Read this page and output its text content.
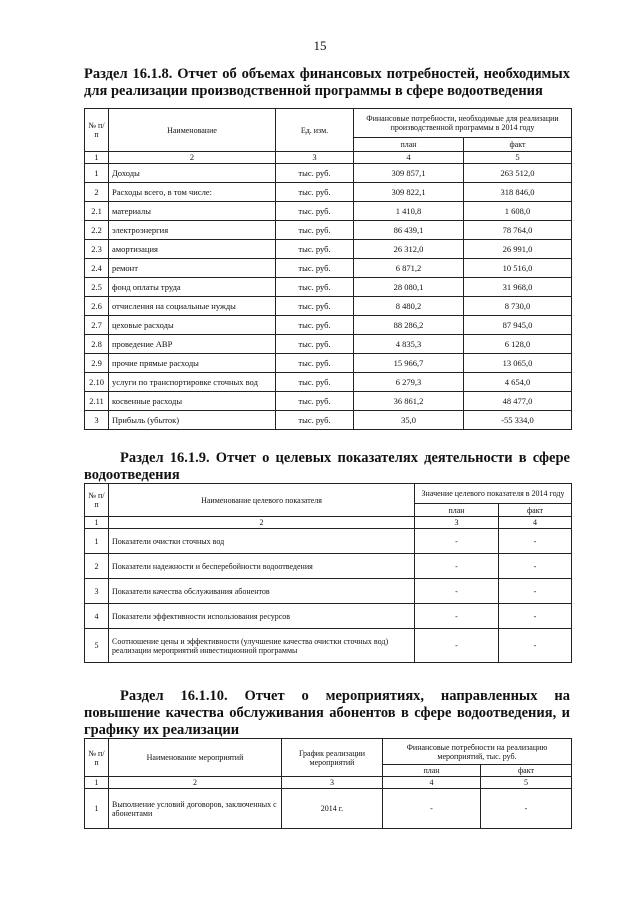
15
Раздел 16.1.8. Отчет об объемах финансовых потребностей, необходимых для реализации производственной программы в сфере водоотведения
№ п/п	Наименование	Ед. изм.	Финансовые потребности, необходимые для реализации производственной программы в 2014 году	
			план	факт
1	2	3	4	5
1	Доходы	тыс. руб.	309 857,1	263 512,0
2	Расходы всего, в том числе:	тыс. руб.	309 822,1	318 846,0
2.1	материалы	тыс. руб.	1 410,8	1 608,0
2.2	электроэнергия	тыс. руб.	86 439,1	78 764,0
2.3	амортизация	тыс. руб.	26 312,0	26 991,0
2.4	ремонт	тыс. руб.	6 871,2	10 516,0
2.5	фонд оплаты труда	тыс. руб.	28 080,1	31 968,0
2.6	отчисления на социальные нужды	тыс. руб.	8 480,2	8 730,0
2.7	цеховые расходы	тыс. руб.	88 286,2	87 945,0
2.8	проведение АВР	тыс. руб.	4 835,3	6 128,0
2.9	прочие прямые расходы	тыс. руб.	15 966,7	13 065,0
2.10	услуги по транспортировке сточных вод	тыс. руб.	6 279,3	4 654,0
2.11	косвенные расходы	тыс. руб.	36 861,2	48 477,0
3	Прибыль (убыток)	тыс. руб.	35,0	-55 334,0
Раздел 16.1.9. Отчет о целевых показателях деятельности в сфере водоотведения
№ п/п	Наименование целевого показателя	Значение целевого показателя в 2014 году	
		план	факт
1	2	3	4
1	Показатели очистки сточных вод	-	-
2	Показатели надежности и бесперебойности водоотведения	-	-
3	Показатели качества обслуживания абонентов	-	-
4	Показатели эффективности использования ресурсов	-	-
5	Соотношение цены и эффективности (улучшение качества очистки сточных вод) реализации мероприятий инвестиционной программы	-	-
Раздел 16.1.10. Отчет о мероприятиях, направленных на повышение качества обслуживания абонентов в сфере водоотведения, и графику их реализации
№ п/п	Наименование мероприятий	График реализации мероприятий	Финансовые потребности на реализацию мероприятий, тыс. руб.	
			план	факт
1	2	3	4	5
1	Выполнение условий договоров, заключенных с абонентами	2014 г.	-	-
